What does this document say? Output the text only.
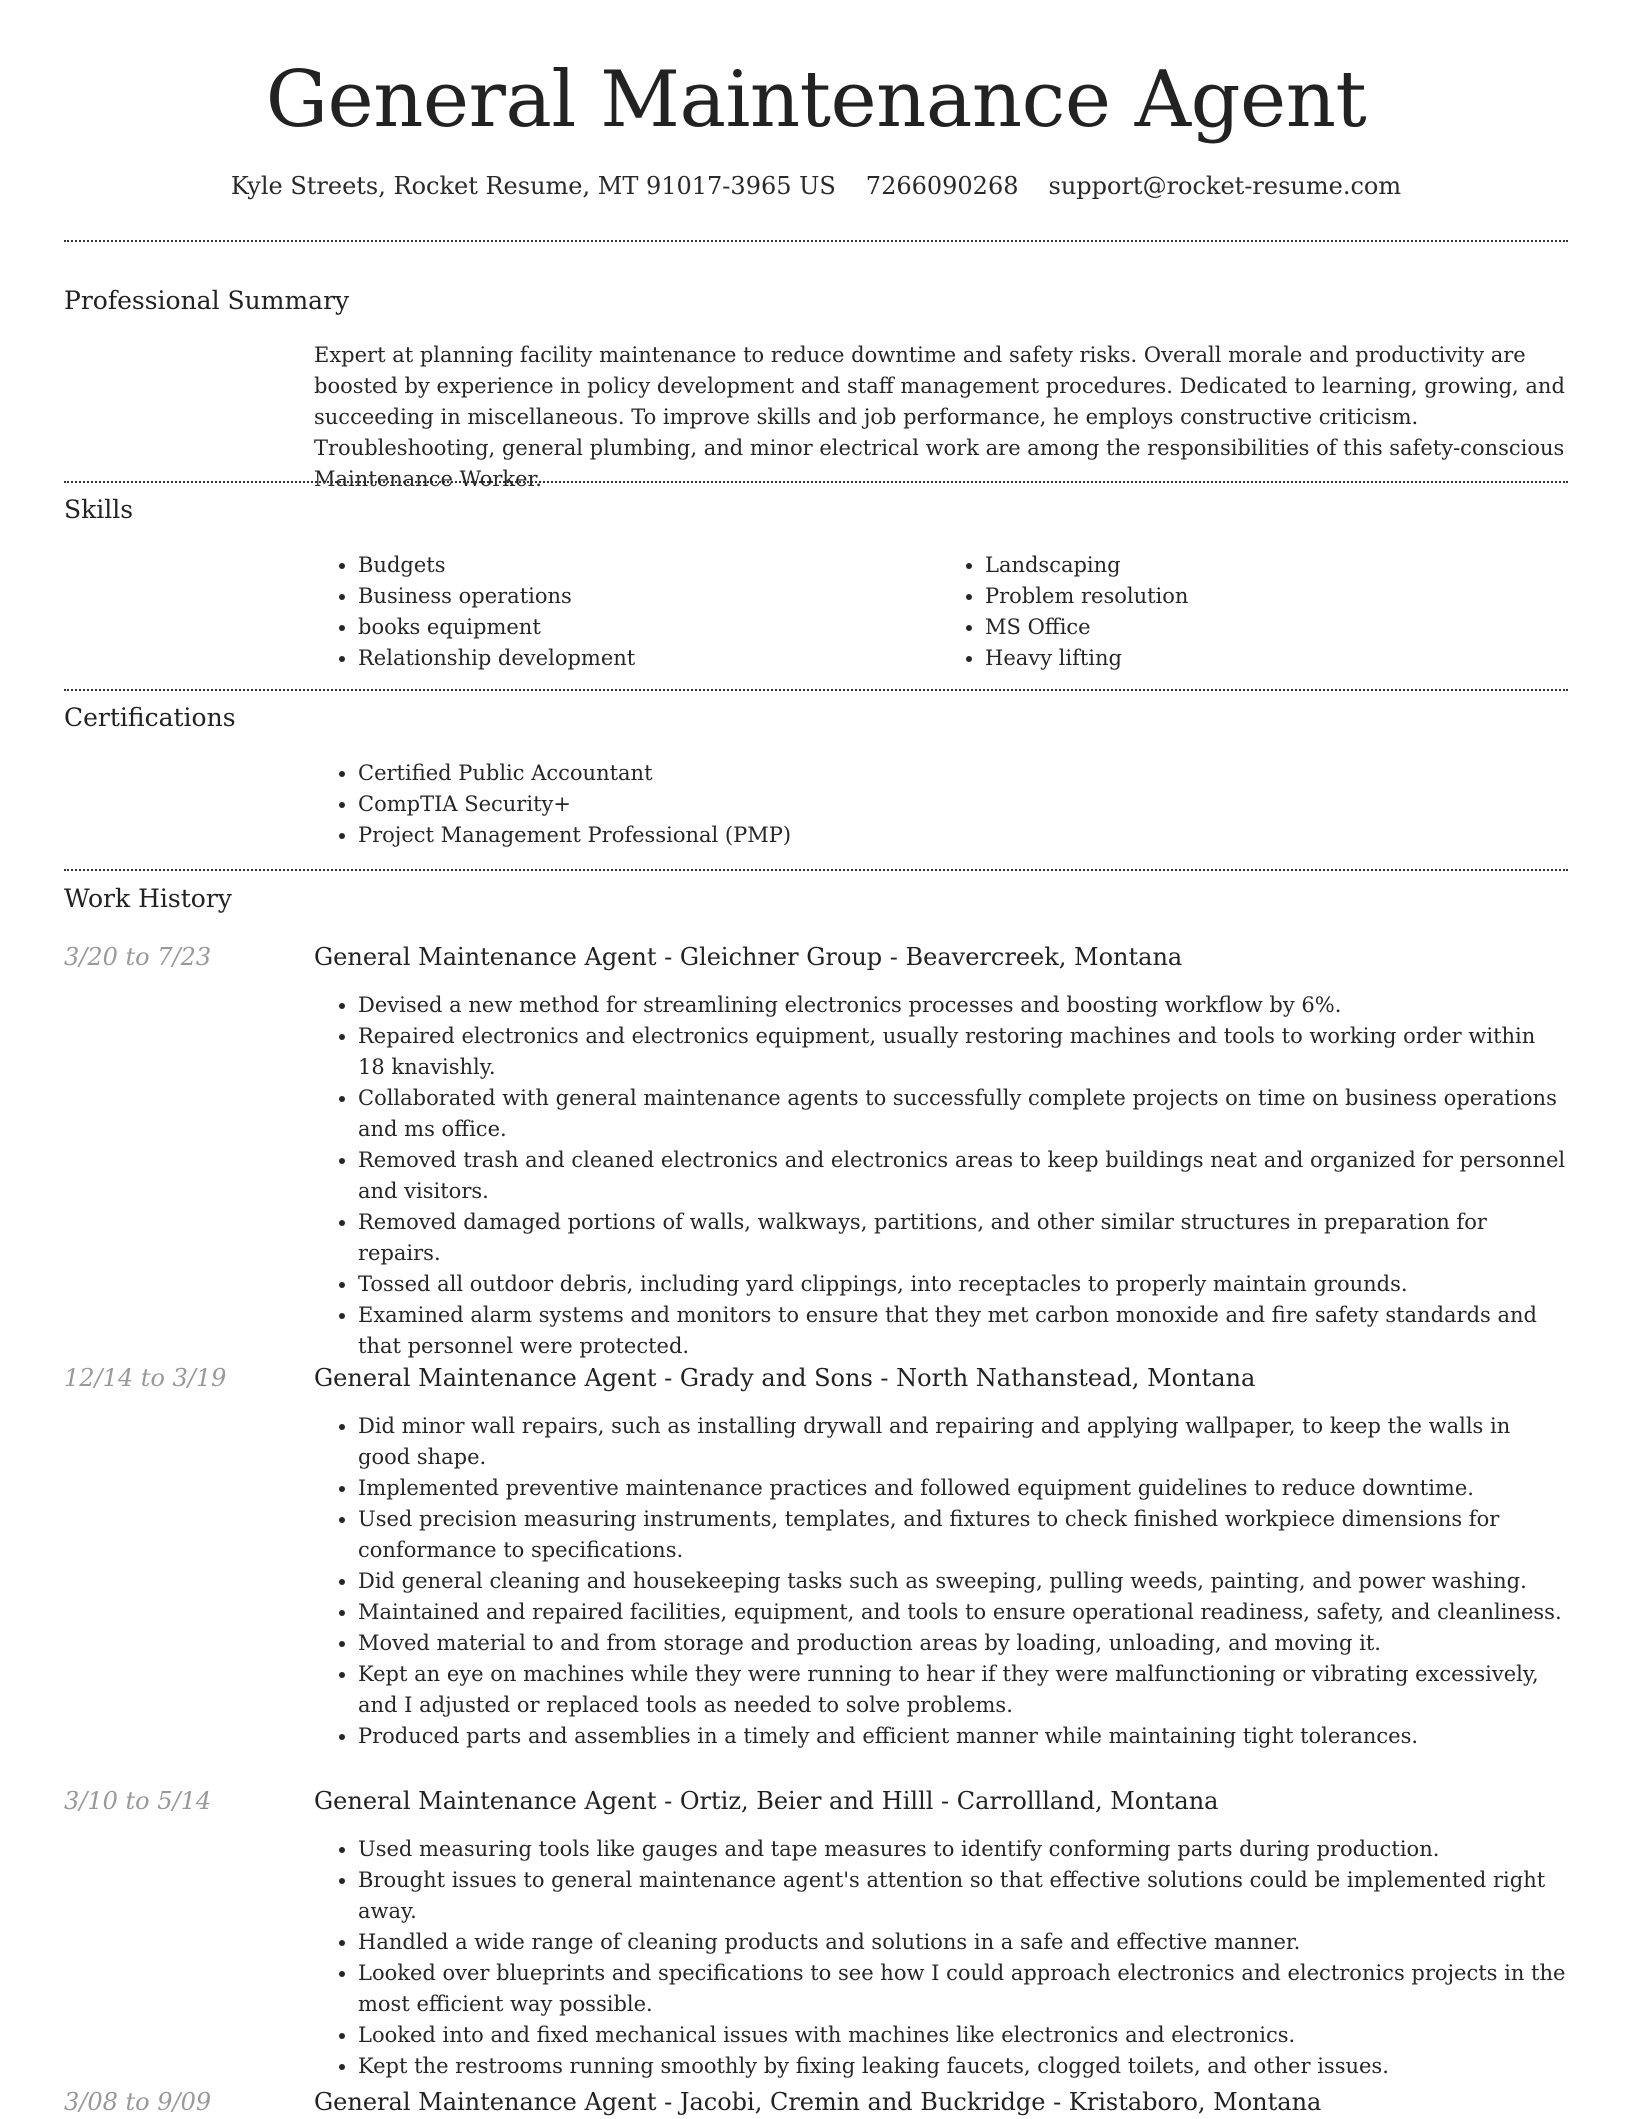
General Maintenance Agent
Kyle Streets, Rocket Resume, MT 91017-3965 US 7266090268 support@rocket-resume.com
Professional Summary
Expert at planning facility maintenance to reduce downtime and safety risks. Overall morale and productivity are boosted by experience in policy development and staff management procedures. Dedicated to learning, growing, and succeeding in miscellaneous. To improve skills and job performance, he employs constructive criticism. Troubleshooting, general plumbing, and minor electrical work are among the responsibilities of this safety-conscious Maintenance Worker.
Skills
• Budgets
• Business operations
• books equipment
• Relationship development
• Landscaping
• Problem resolution
• MS Office
• Heavy lifting
Certifications
• Certified Public Accountant
• CompTIA Security+
• Project Management Professional (PMP)
Work History
3/20 to 7/23	General Maintenance Agent - Gleichner Group - Beavercreek, Montana
• Devised a new method for streamlining electronics processes and boosting workflow by 6%.
• Repaired electronics and electronics equipment, usually restoring machines and tools to working order within 18 knavishly.
• Collaborated with general maintenance agents to successfully complete projects on time on business operations and ms office.
• Removed trash and cleaned electronics and electronics areas to keep buildings neat and organized for personnel and visitors.
• Removed damaged portions of walls, walkways, partitions, and other similar structures in preparation for repairs.
• Tossed all outdoor debris, including yard clippings, into receptacles to properly maintain grounds.
• Examined alarm systems and monitors to ensure that they met carbon monoxide and fire safety standards and that personnel were protected.
12/14 to 3/19	General Maintenance Agent - Grady and Sons - North Nathanstead, Montana
• Did minor wall repairs, such as installing drywall and repairing and applying wallpaper, to keep the walls in good shape.
• Implemented preventive maintenance practices and followed equipment guidelines to reduce downtime.
• Used precision measuring instruments, templates, and fixtures to check finished workpiece dimensions for conformance to specifications.
• Did general cleaning and housekeeping tasks such as sweeping, pulling weeds, painting, and power washing.
• Maintained and repaired facilities, equipment, and tools to ensure operational readiness, safety, and cleanliness.
• Moved material to and from storage and production areas by loading, unloading, and moving it.
• Kept an eye on machines while they were running to hear if they were malfunctioning or vibrating excessively, and I adjusted or replaced tools as needed to solve problems.
• Produced parts and assemblies in a timely and efficient manner while maintaining tight tolerances.
3/10 to 5/14	General Maintenance Agent - Ortiz, Beier and Hilll - Carrollland, Montana
• Used measuring tools like gauges and tape measures to identify conforming parts during production.
• Brought issues to general maintenance agent's attention so that effective solutions could be implemented right away.
• Handled a wide range of cleaning products and solutions in a safe and effective manner.
• Looked over blueprints and specifications to see how I could approach electronics and electronics projects in the most efficient way possible.
• Looked into and fixed mechanical issues with machines like electronics and electronics.
• Kept the restrooms running smoothly by fixing leaking faucets, clogged toilets, and other issues.
3/08 to 9/09	General Maintenance Agent - Jacobi, Cremin and Buckridge - Kristaboro, Montana
